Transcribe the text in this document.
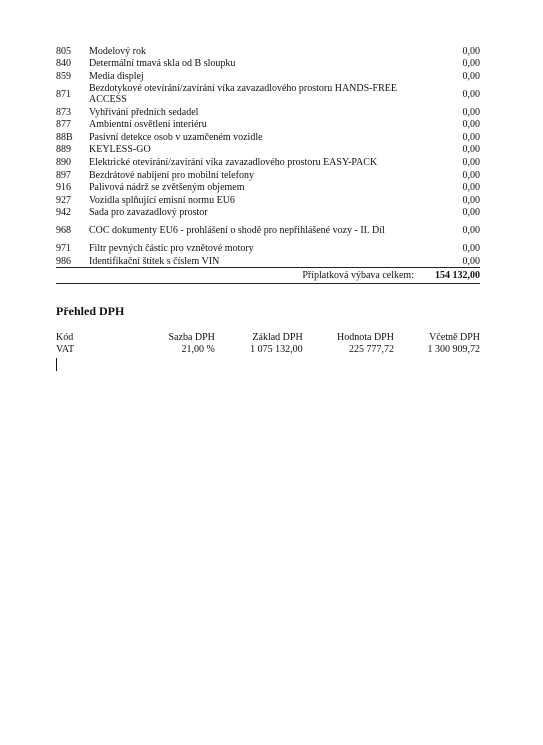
805	Modelový rok	0,00
840	Determální tmavá skla od B sloupku	0,00
859	Media displej	0,00
871	Bezdotykové otevírání/zavírání víka zavazadlového prostoru HANDS-FREE ACCESS	0,00
873	Vyhřívání předních sedadel	0,00
877	Ambientní osvětlení interiéru	0,00
88B	Pasivní detekce osob v uzamčeném vozidle	0,00
889	KEYLESS-GO	0,00
890	Elektrické otevírání/zavírání víka zavazadlového prostoru EASY-PACK	0,00
897	Bezdrátové nabíjení pro mobilní telefony	0,00
916	Palivová nádrž se zvětšeným objemem	0,00
927	Vozidla splňující emisní normu EU6	0,00
942	Sada pro zavazadlový prostor	0,00
968	COC dokumenty EU6 - prohlášení o shodě pro nepřihlášené vozy - II. Díl	0,00
971	Filtr pevných částic pro vznětové motory	0,00
986	Identifikační štítek s číslem VIN	0,00
Příplatková výbava celkem:	154 132,00
Přehled DPH
Kód	Sazba DPH	Základ DPH	Hodnota DPH	Včetně DPH
VAT	21,00 %	1 075 132,00	225 777,72	1 300 909,72
